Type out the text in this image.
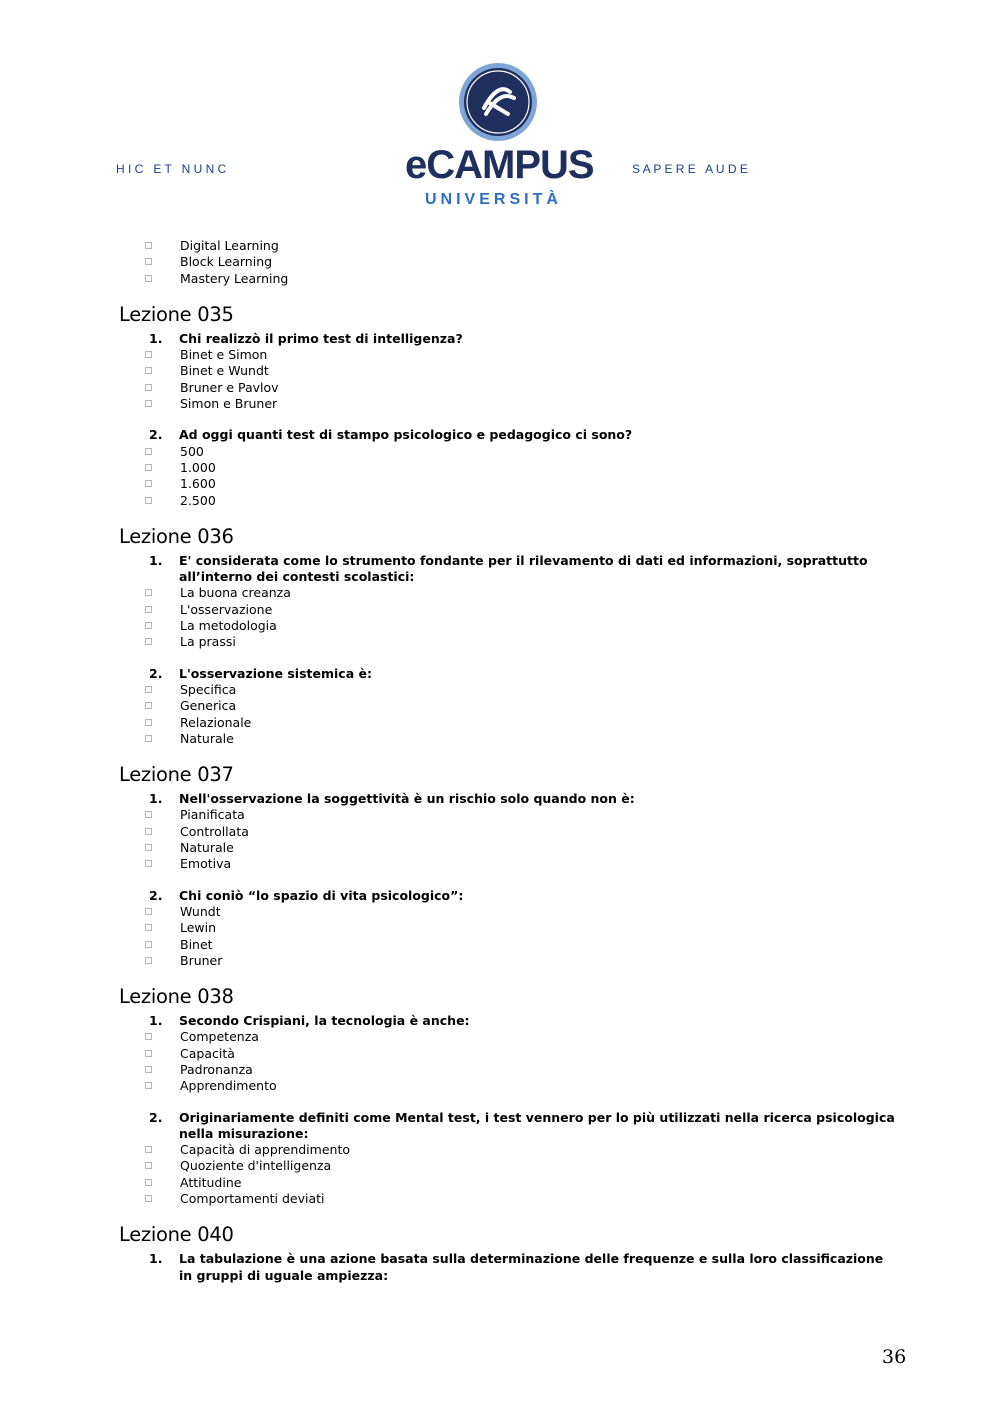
H I C   E T   N U N C	eCAMPUS
UNIVERSITÀ
S A P E R E   A U D E
Digital Learning
Block Learning
Mastery Learning
Lezione 035
1. Chi realizzò il primo test di intelligenza?
Binet e Simon
Binet e Wundt
Bruner e Pavlov
Simon e Bruner
2. Ad oggi quanti test di stampo psicologico e pedagogico ci sono?
500
1.000
1.600
2.500
Lezione 036
1. E' considerata come lo strumento fondante per il rilevamento di dati ed informazioni, soprattutto all’interno dei contesti scolastici:
La buona creanza
L'osservazione
La metodologia
La prassi
2. L'osservazione sistemica è:
Specifica
Generica
Relazionale
Naturale
Lezione 037
1. Nell'osservazione la soggettività è un rischio solo quando non è:
Pianificata
Controllata
Naturale
Emotiva
2. Chi coniò “lo spazio di vita psicologico”:
Wundt
Lewin
Binet
Bruner
Lezione 038
1. Secondo Crispiani, la tecnologia è anche:
Competenza
Capacità
Padronanza
Apprendimento
2. Originariamente definiti come Mental test, i test vennero per lo più utilizzati nella ricerca psicologica nella misurazione:
Capacità di apprendimento
Quoziente d'intelligenza
Attitudine
Comportamenti deviati
Lezione 040
1. La tabulazione è una azione basata sulla determinazione delle frequenze e sulla loro classificazione in gruppi di uguale ampiezza:
36
